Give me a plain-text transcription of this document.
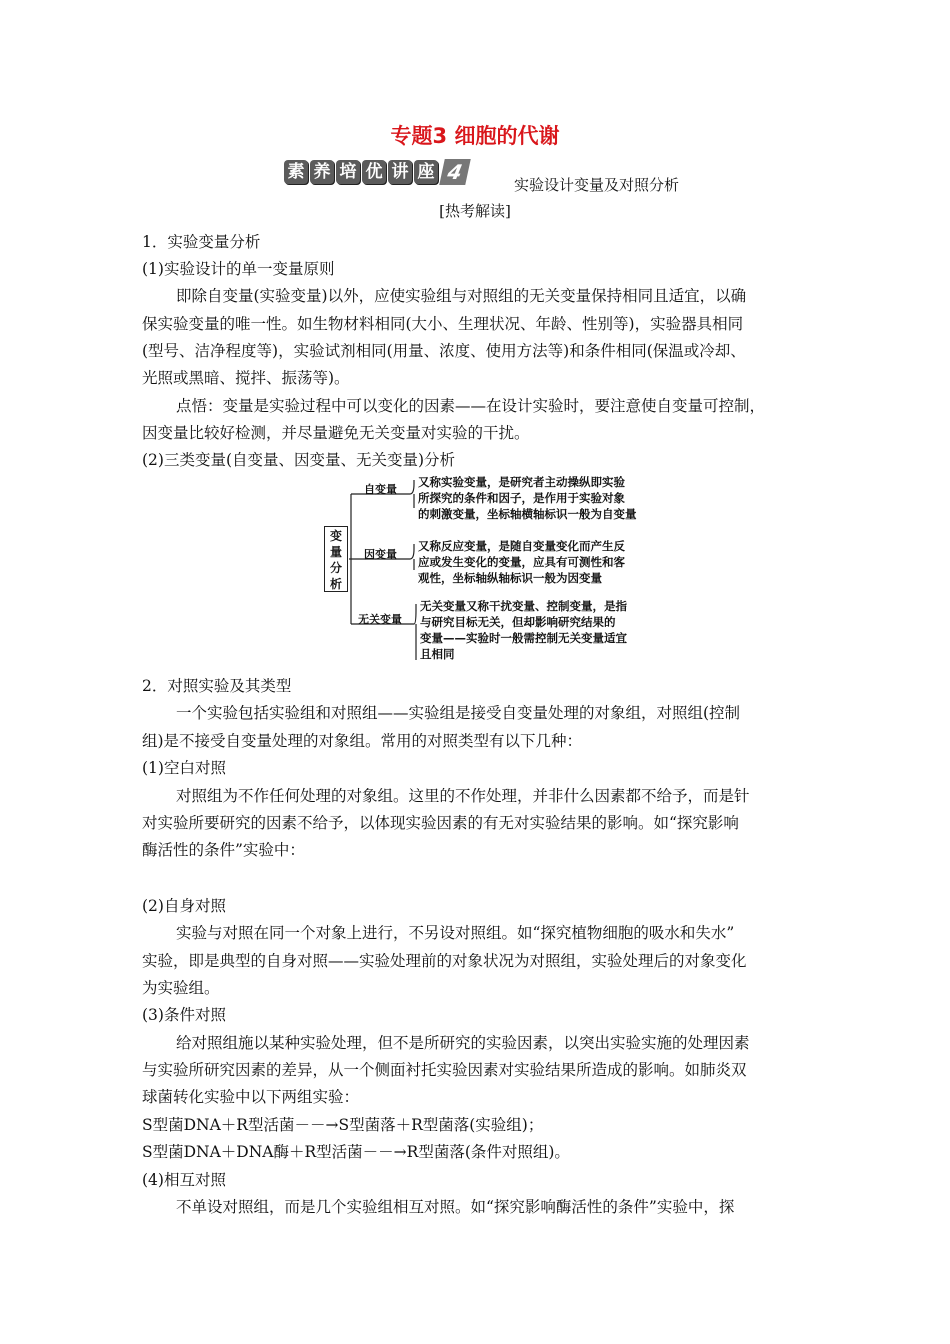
专题3 细胞的代谢
素 养 培 优 讲 座 4
实验设计变量及对照分析
[热考解读]
1．实验变量分析
(1)实验设计的单一变量原则
即除自变量(实验变量)以外，应使实验组与对照组的无关变量保持相同且适宜，以确
保实验变量的唯一性。如生物材料相同(大小、生理状况、年龄、性别等)，实验器具相同
(型号、洁净程度等)，实验试剂相同(用量、浓度、使用方法等)和条件相同(保温或冷却、
光照或黑暗、搅拌、振荡等)。
点悟：变量是实验过程中可以变化的因素——在设计实验时，要注意使自变量可控制，
因变量比较好检测，并尽量避免无关变量对实验的干扰。
(2)三类变量(自变量、因变量、无关变量)分析
变
量
分
析
自变量
又称实验变量，是研究者主动操纵即实验
所探究的条件和因子，是作用于实验对象
的刺激变量，坐标轴横轴标识一般为自变量
因变量
又称反应变量，是随自变量变化而产生反
应或发生变化的变量，应具有可测性和客
观性，坐标轴纵轴标识一般为因变量
无关变量
无关变量又称干扰变量、控制变量，是指
与研究目标无关，但却影响研究结果的
变量——实验时一般需控制无关变量适宜
且相同
2．对照实验及其类型
一个实验包括实验组和对照组——实验组是接受自变量处理的对象组，对照组(控制
组)是不接受自变量处理的对象组。常用的对照类型有以下几种：
(1)空白对照
对照组为不作任何处理的对象组。这里的不作处理，并非什么因素都不给予，而是针
对实验所要研究的因素不给予，以体现实验因素的有无对实验结果的影响。如“探究影响
酶活性的条件”实验中：
(2)自身对照
实验与对照在同一个对象上进行，不另设对照组。如“探究植物细胞的吸水和失水”
实验，即是典型的自身对照——实验处理前的对象状况为对照组，实验处理后的对象变化
为实验组。
(3)条件对照
给对照组施以某种实验处理，但不是所研究的实验因素，以突出实验实施的处理因素
与实验所研究因素的差异，从一个侧面衬托实验因素对实验结果所造成的影响。如肺炎双
球菌转化实验中以下两组实验：
S型菌DNA＋R型活菌－－→S型菌落＋R型菌落(实验组)；
S型菌DNA＋DNA酶＋R型活菌－－→R型菌落(条件对照组)。
(4)相互对照
不单设对照组，而是几个实验组相互对照。如“探究影响酶活性的条件”实验中，探
